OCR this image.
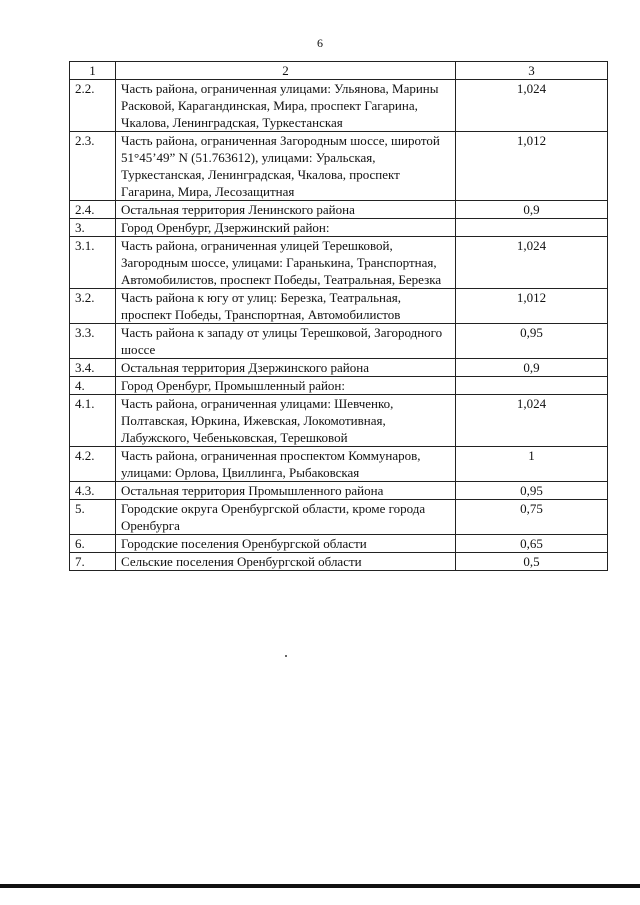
6
1	2	3
2.2.	Часть района, ограниченная улицами: Ульянова, Марины Расковой, Карагандинская, Мира, проспект Гагарина, Чкалова, Ленинградская, Туркестанская	1,024
2.3.	Часть района, ограниченная Загородным шоссе, широтой 51°45’49” N (51.763612), улицами: Уральская, Туркестанская, Ленинградская, Чкалова, проспект Гагарина, Мира, Лесозащитная	1,012
2.4.	Остальная территория Ленинского района	0,9
3.	Город Оренбург, Дзержинский район:	
3.1.	Часть района, ограниченная улицей Терешковой, Загородным шоссе, улицами: Гаранькина, Транспортная, Автомобилистов, проспект Победы, Театральная, Березка	1,024
3.2.	Часть района к югу от улиц: Березка, Театральная, проспект Победы, Транспортная, Автомобилистов	1,012
3.3.	Часть района к западу от улицы Терешковой, Загородного шоссе	0,95
3.4.	Остальная территория Дзержинского района	0,9
4.	Город Оренбург, Промышленный район:	
4.1.	Часть района, ограниченная улицами: Шевченко, Полтавская, Юркина, Ижевская, Локомотивная, Лабужского, Чебеньковская, Терешковой	1,024
4.2.	Часть района, ограниченная проспектом Коммунаров, улицами: Орлова, Цвиллинга, Рыбаковская	1
4.3.	Остальная территория Промышленного района	0,95
5.	Городские округа Оренбургской области, кроме города Оренбурга	0,75
6.	Городские поселения Оренбургской области	0,65
7.	Сельские поселения Оренбургской области	0,5
